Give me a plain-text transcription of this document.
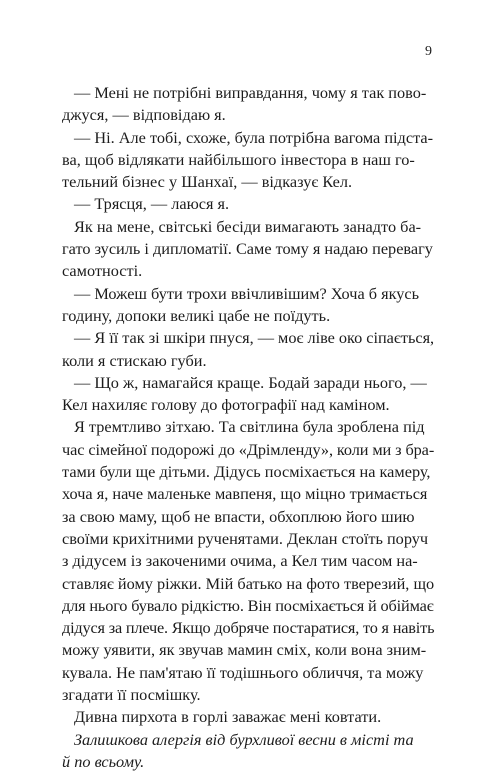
9

— Мені не потрібні виправдання, чому я так пово-
джуся, — відповідаю я.

— Ні. Але тобі, схоже, була потрібна вагома підста-
ва, щоб відлякати найбільшого інвестора в наш го-
тельний бізнес у Шанхаї, — відказує Кел.

— Трясця, — лаюся я.

Як на мене, світські бесіди вимагають занадто ба-
гато зусиль і дипломатії. Саме тому я надаю перевагу
самотності.

— Можеш бути трохи ввічливішим? Хоча б якусь
годину, допоки великі цабе не поїдуть.

— Я її так зі шкіри пнуся, — моє ліве око сіпається,
коли я стискаю губи.

— Що ж, намагайся краще. Бодай заради нього, —
Кел нахиляє голову до фотографії над каміном.

Я тремтливо зітхаю. Та світлина була зроблена під
час сімейної подорожі до «Дрімленду», коли ми з бра-
тами були ще дітьми. Дідусь посміхається на камеру,
хоча я, наче маленьке мавпеня, що міцно тримається
за свою маму, щоб не впасти, обхоплюю його шию
своїми крихітними рученятами. Деклан стоїть поруч
з дідусем із закоченими очима, а Кел тим часом на-
ставляє йому ріжки. Мій батько на фото тверезий, що
для нього бувало рідкістю. Він посміхається й обіймає
дідуся за плече. Якщо добряче постаратися, то я навіть
можу уявити, як звучав мамин сміх, коли вона зним-
кувала. Не пам'ятаю її тодішнього обличчя, та можу
згадати її посмішку.

Дивна пирхота в горлі заважає мені ковтати.

Залишкова алергія від бурхливої весни в місті та
й по всьому.
